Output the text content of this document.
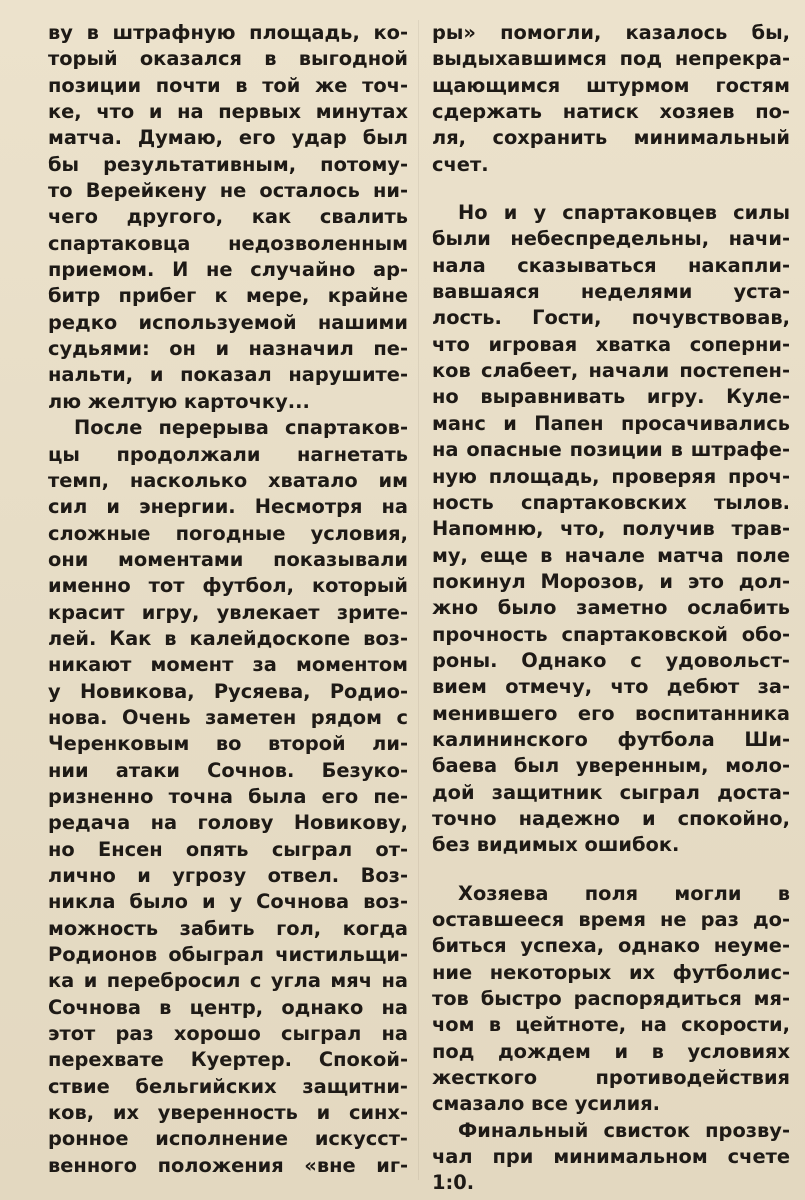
ву в штрафную площадь, ко-
торый оказался в выгодной
позиции почти в той же точ-
ке, что и на первых минутах
матча. Думаю, его удар был
бы результативным, потому-
то Верейкену не осталось ни-
чего другого, как свалить
спартаковца недозволенным
приемом. И не случайно ар-
битр прибег к мере, крайне
редко используемой нашими
судьями: он и назначил пе-
нальти, и показал нарушите-
лю желтую карточку...
После перерыва спартаков-
цы продолжали нагнетать
темп, насколько хватало им
сил и энергии. Несмотря на
сложные погодные условия,
они моментами показывали
именно тот футбол, который
красит игру, увлекает зрите-
лей. Как в калейдоскопе воз-
никают момент за моментом
у Новикова, Русяева, Родио-
нова. Очень заметен рядом с
Черенковым во второй ли-
нии атаки Сочнов. Безуко-
ризненно точна была его пе-
редача на голову Новикову,
но Енсен опять сыграл от-
лично и угрозу отвел. Воз-
никла было и у Сочнова воз-
можность забить гол, когда
Родионов обыграл чистильщи-
ка и перебросил с угла мяч на
Сочнова в центр, однако на
этот раз хорошо сыграл на
перехвате Куертер. Спокой-
ствие бельгийских защитни-
ков, их уверенность и синх-
ронное исполнение искусст-
венного положения «вне иг-
ры» помогли, казалось бы,
выдыхавшимся под непрекра-
щающимся штурмом гостям
сдержать натиск хозяев по-
ля, сохранить минимальный
счет.
Но и у спартаковцев силы
были небеспредельны, начи-
нала сказываться накапли-
вавшаяся неделями уста-
лость. Гости, почувствовав,
что игровая хватка соперни-
ков слабеет, начали постепен-
но выравнивать игру. Куле-
манс и Папен просачивались
на опасные позиции в штрафе-
ную площадь, проверяя проч-
ность спартаковских тылов.
Напомню, что, получив трав-
му, еще в начале матча поле
покинул Морозов, и это дол-
жно было заметно ослабить
прочность спартаковской обо-
роны. Однако с удовольст-
вием отмечу, что дебют за-
менившего его воспитанника
калининского футбола Ши-
баева был уверенным, моло-
дой защитник сыграл доста-
точно надежно и спокойно,
без видимых ошибок.
Хозяева поля могли в
оставшееся время не раз до-
биться успеха, однако неуме-
ние некоторых их футболис-
тов быстро распорядиться мя-
чом в цейтноте, на скорости,
под дождем и в условиях
жесткого противодействия
смазало все усилия.
Финальный свисток прозву-
чал при минимальном счете
1:0.
